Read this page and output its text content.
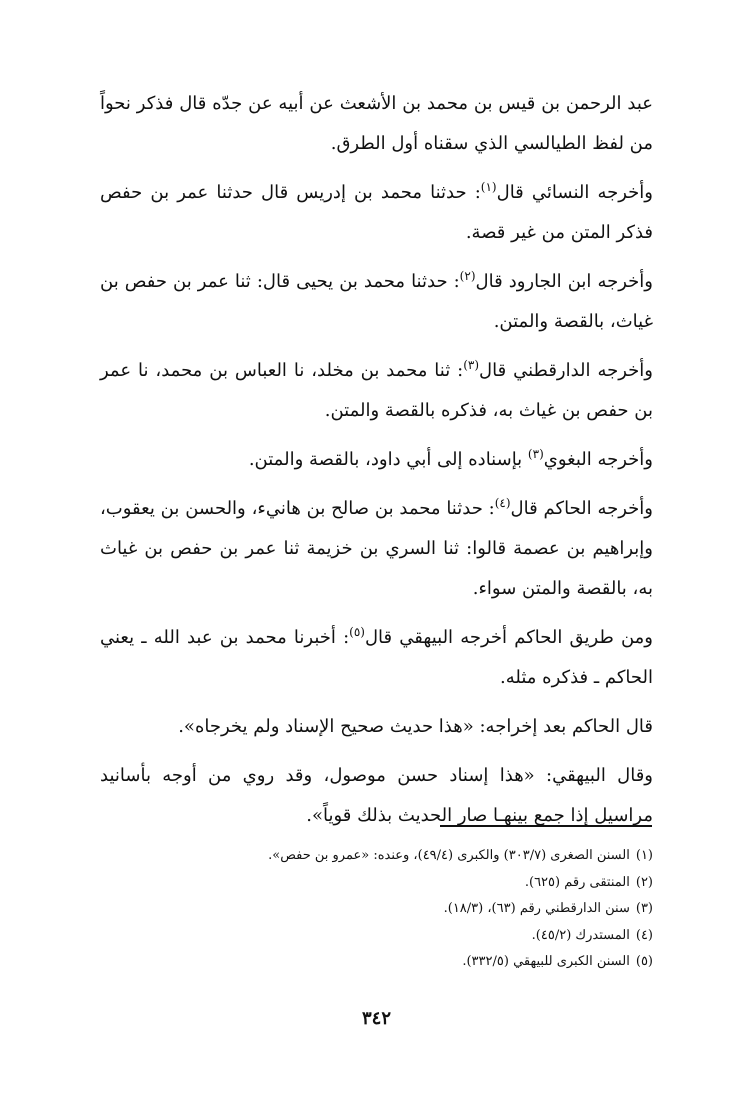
عبد الرحمن بن قيس بن محمد بن الأشعث عن أبيه عن جدّه قال فذكر نحواً من لفظ الطيالسي الذي سقناه أول الطرق.

وأخرجه النسائي قال$^{(١)}$: حدثنا محمد بن إدريس قال حدثنا عمر بن حفص فذكر المتن من غير قصة.

وأخرجه ابن الجارود قال$^{(٢)}$: حدثنا محمد بن يحيى قال: ثنا عمر بن حفص بن غياث، بالقصة والمتن.

وأخرجه الدارقطني قال$^{(٣)}$: ثنا محمد بن مخلد، نا العباس بن محمد، نا عمر بن حفص بن غياث به، فذكره بالقصة والمتن.

وأخرجه البغوي$^{(٣)}$ بإسناده إلى أبي داود، بالقصة والمتن.

وأخرجه الحاكم قال$^{(٤)}$: حدثنا محمد بن صالح بن هانيء، والحسن بن يعقوب، وإبراهيم بن عصمة قالوا: ثنا السري بن خزيمة ثنا عمر بن حفص بن غياث به، بالقصة والمتن سواء.

ومن طريق الحاكم أخرجه البيهقي قال$^{(٥)}$: أخبرنا محمد بن عبد الله ـ يعني الحاكم ـ فذكره مثله.

قال الحاكم بعد إخراجه: «هذا حديث صحيح الإسناد ولم يخرجاه».

وقال البيهقي: «هذا إسناد حسن موصول، وقد روي من أوجه بأسانيد مراسيل إذا جمع بينهـا صار الحديث بذلك قوياً».

(١)السنن الصغرى (٣٠٣/٧) والكبرى (٤٩/٤)، وعنده: «عمرو بن حفص».
(٢)المنتقى رقم (٦٢٥).
(٣)سنن الدارقطني رقم (٦٣)، (١٨/٣).
(٤)المستدرك (٤٥/٢).
(٥)السنن الكبرى للبيهقي (٣٣٢/٥).
٣٤٢
